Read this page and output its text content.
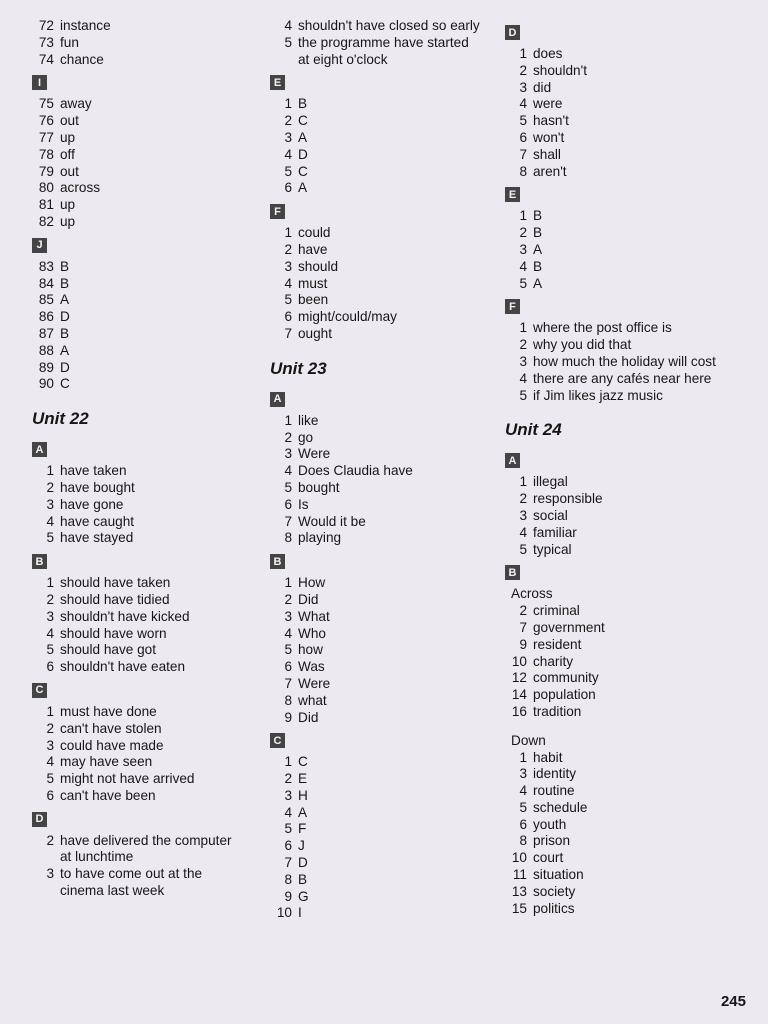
72 instance
73 fun
74 chance
I
75 away
76 out
77 up
78 off
79 out
80 across
81 up
82 up
J
83 B
84 B
85 A
86 D
87 B
88 A
89 D
90 C
Unit 22
A
1 have taken
2 have bought
3 have gone
4 have caught
5 have stayed
B
1 should have taken
2 should have tidied
3 shouldn't have kicked
4 should have worn
5 should have got
6 shouldn't have eaten
C
1 must have done
2 can't have stolen
3 could have made
4 may have seen
5 might not have arrived
6 can't have been
D
2 have delivered the computer
at lunchtime
3 to have come out at the
cinema last week
4 shouldn't have closed so early
5 the programme have started
at eight o'clock
E
1 B
2 C
3 A
4 D
5 C
6 A
F
1 could
2 have
3 should
4 must
5 been
6 might/could/may
7 ought
Unit 23
A
1 like
2 go
3 Were
4 Does Claudia have
5 bought
6 Is
7 Would it be
8 playing
B
1 How
2 Did
3 What
4 Who
5 how
6 Was
7 Were
8 what
9 Did
C
1 C
2 E
3 H
4 A
5 F
6 J
7 D
8 B
9 G
10 I
D
1 does
2 shouldn't
3 did
4 were
5 hasn't
6 won't
7 shall
8 aren't
E
1 B
2 B
3 A
4 B
5 A
F
1 where the post office is
2 why you did that
3 how much the holiday will cost
4 there are any cafés near here
5 if Jim likes jazz music
Unit 24
A
1 illegal
2 responsible
3 social
4 familiar
5 typical
B
Across
2 criminal
7 government
9 resident
10 charity
12 community
14 population
16 tradition
Down
1 habit
3 identity
4 routine
5 schedule
6 youth
8 prison
10 court
11 situation
13 society
15 politics
245
